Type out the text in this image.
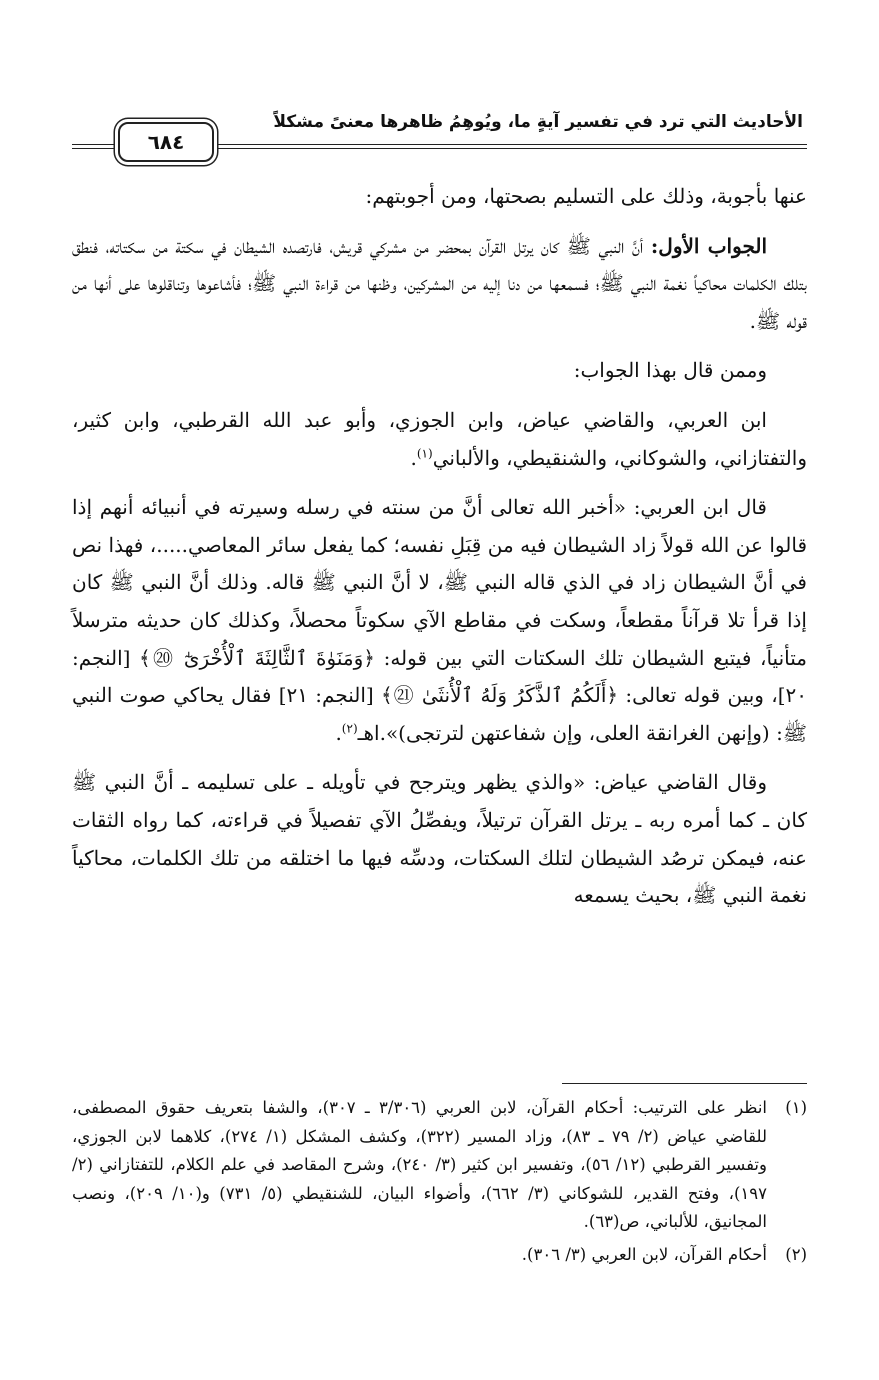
الأحاديث التي ترد في تفسير آيةٍ ما، ويُوهِمُ ظاهرها معنىً مشكلاً
٦٨٤

عنها بأجوبة، وذلك على التسليم بصحتها، ومن أجوبتهم:

الجواب الأول: أنَّ النبي ﷺ كان يرتل القرآن بمحضر من مشركي قريش، فارتصده الشيطان في سكتة من سكتاته، فنطق بتلك الكلمات محاكياً نغمة النبي ﷺ؛ فسمعها من دنا إليه من المشركين، وظنها من قراءة النبي ﷺ؛ فأشاعوها وتناقلوها على أنها من قوله ﷺ.

وممن قال بهذا الجواب:

ابن العربي، والقاضي عياض، وابن الجوزي، وأبو عبد الله القرطبي، وابن كثير، والتفتازاني، والشوكاني، والشنقيطي، والألباني$^{(١)}$.

قال ابن العربي: «أخبر الله تعالى أنَّ من سنته في رسله وسيرته في أنبيائه أنهم إذا قالوا عن الله قولاً زاد الشيطان فيه من قِبَلِ نفسه؛ كما يفعل سائر المعاصي.....، فهذا نص في أنَّ الشيطان زاد في الذي قاله النبي ﷺ، لا أنَّ النبي ﷺ قاله. وذلك أنَّ النبي ﷺ كان إذا قرأ تلا قرآناً مقطعاً، وسكت في مقاطع الآي سكوتاً محصلاً، وكذلك كان حديثه مترسلاً متأنياً، فيتبع الشيطان تلك السكتات التي بين قوله: ﴿وَمَنَوٰةَ ٱلثَّالِثَةَ ٱلْأُخْرَىٰٓ ⑳﴾ [النجم: ٢٠]، وبين قوله تعالى: ﴿أَلَكُمُ ٱلذَّكَرُ وَلَهُ ٱلْأُنثَىٰ ㉑﴾ [النجم: ٢١] فقال يحاكي صوت النبي ﷺ: (وإنهن الغرانقة العلى، وإن شفاعتهن لترتجى)».اهـ$^{(٢)}$.

وقال القاضي عياض: «والذي يظهر ويترجح في تأويله ـ على تسليمه ـ أنَّ النبي ﷺ كان ـ كما أمره ربه ـ يرتل القرآن ترتيلاً، ويفصِّلُ الآي تفصيلاً في قراءته، كما رواه الثقات عنه، فيمكن ترصُد الشيطان لتلك السكتات، ودسِّه فيها ما اختلقه من تلك الكلمات، محاكياً نغمة النبي ﷺ، بحيث يسمعه

(١)
انظر على الترتيب: أحكام القرآن، لابن العربي (٣/٣٠٦ ـ ٣٠٧)، والشفا بتعريف حقوق المصطفى، للقاضي عياض (٢/ ٧٩ ـ ٨٣)، وزاد المسير (٣٢٢)، وكشف المشكل (١/ ٢٧٤)، كلاهما لابن الجوزي، وتفسير القرطبي (١٢/ ٥٦)، وتفسير ابن كثير (٣/ ٢٤٠)، وشرح المقاصد في علم الكلام، للتفتازاني (٢/ ١٩٧)، وفتح القدير، للشوكاني (٣/ ٦٦٢)، وأضواء البيان، للشنقيطي (٥/ ٧٣١) و(١٠/ ٢٠٩)، ونصب المجانيق، للألباني، ص(٦٣).
(٢)
أحكام القرآن، لابن العربي (٣/ ٣٠٦).
